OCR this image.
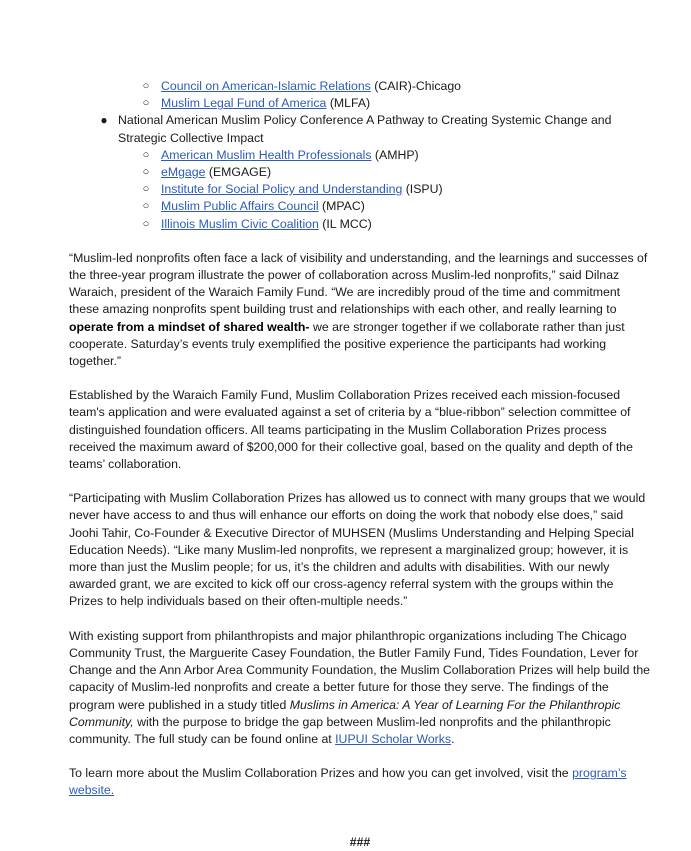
○ Council on American-Islamic Relations (CAIR)-Chicago
○ Muslim Legal Fund of America (MLFA)
● National American Muslim Policy Conference A Pathway to Creating Systemic Change and Strategic Collective Impact
○ American Muslim Health Professionals (AMHP)
○ eMgage (EMGAGE)
○ Institute for Social Policy and Understanding (ISPU)
○ Muslim Public Affairs Council (MPAC)
○ Illinois Muslim Civic Coalition (IL MCC)

“Muslim-led nonprofits often face a lack of visibility and understanding, and the learnings and successes of the three-year program illustrate the power of collaboration across Muslim-led nonprofits,” said Dilnaz Waraich, president of the Waraich Family Fund. “We are incredibly proud of the time and commitment these amazing nonprofits spent building trust and relationships with each other, and really learning to operate from a mindset of shared wealth- we are stronger together if we collaborate rather than just cooperate. Saturday’s events truly exemplified the positive experience the participants had working together.”

Established by the Waraich Family Fund, Muslim Collaboration Prizes received each mission-focused team's application and were evaluated against a set of criteria by a “blue-ribbon” selection committee of distinguished foundation officers. All teams participating in the Muslim Collaboration Prizes process received the maximum award of $200,000 for their collective goal, based on the quality and depth of the teams’ collaboration.

“Participating with Muslim Collaboration Prizes has allowed us to connect with many groups that we would never have access to and thus will enhance our efforts on doing the work that nobody else does,” said Joohi Tahir, Co-Founder & Executive Director of MUHSEN (Muslims Understanding and Helping Special Education Needs). “Like many Muslim-led nonprofits, we represent a marginalized group; however, it is more than just the Muslim people; for us, it’s the children and adults with disabilities. With our newly awarded grant, we are excited to kick off our cross-agency referral system with the groups within the Prizes to help individuals based on their often-multiple needs.”

With existing support from philanthropists and major philanthropic organizations including The Chicago Community Trust, the Marguerite Casey Foundation, the Butler Family Fund, Tides Foundation, Lever for Change and the Ann Arbor Area Community Foundation, the Muslim Collaboration Prizes will help build the capacity of Muslim-led nonprofits and create a better future for those they serve. The findings of the program were published in a study titled Muslims in America: A Year of Learning For the Philanthropic Community, with the purpose to bridge the gap between Muslim-led nonprofits and the philanthropic community. The full study can be found online at IUPUI Scholar Works.

To learn more about the Muslim Collaboration Prizes and how you can get involved, visit the program’s website.

###
